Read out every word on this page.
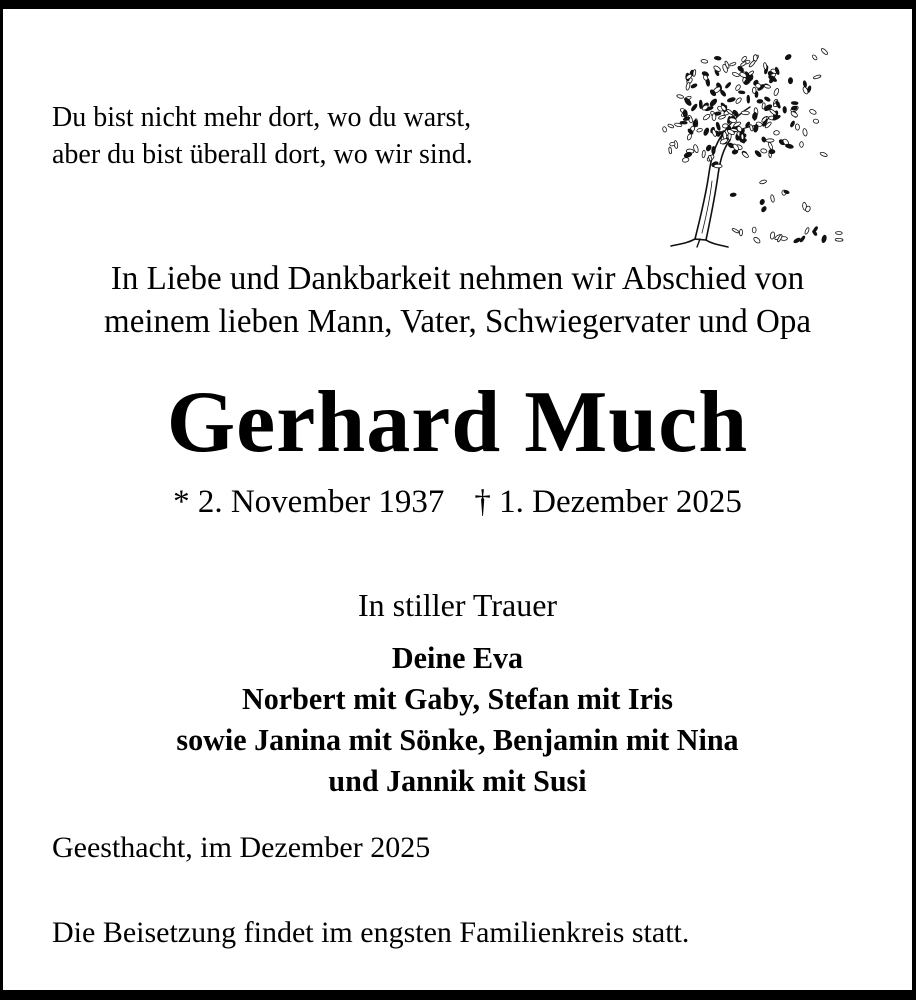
Du bist nicht mehr dort, wo du warst,
aber du bist überall dort, wo wir sind.
In Liebe und Dankbarkeit nehmen wir Abschied von
meinem lieben Mann, Vater, Schwiegervater und Opa
Gerhard Much
* 2. November 1937 † 1. Dezember 2025
In stiller Trauer
Deine Eva
Norbert mit Gaby, Stefan mit Iris
sowie Janina mit Sönke, Benjamin mit Nina
und Jannik mit Susi
Geesthacht, im Dezember 2025
Die Beisetzung findet im engsten Familienkreis statt.
